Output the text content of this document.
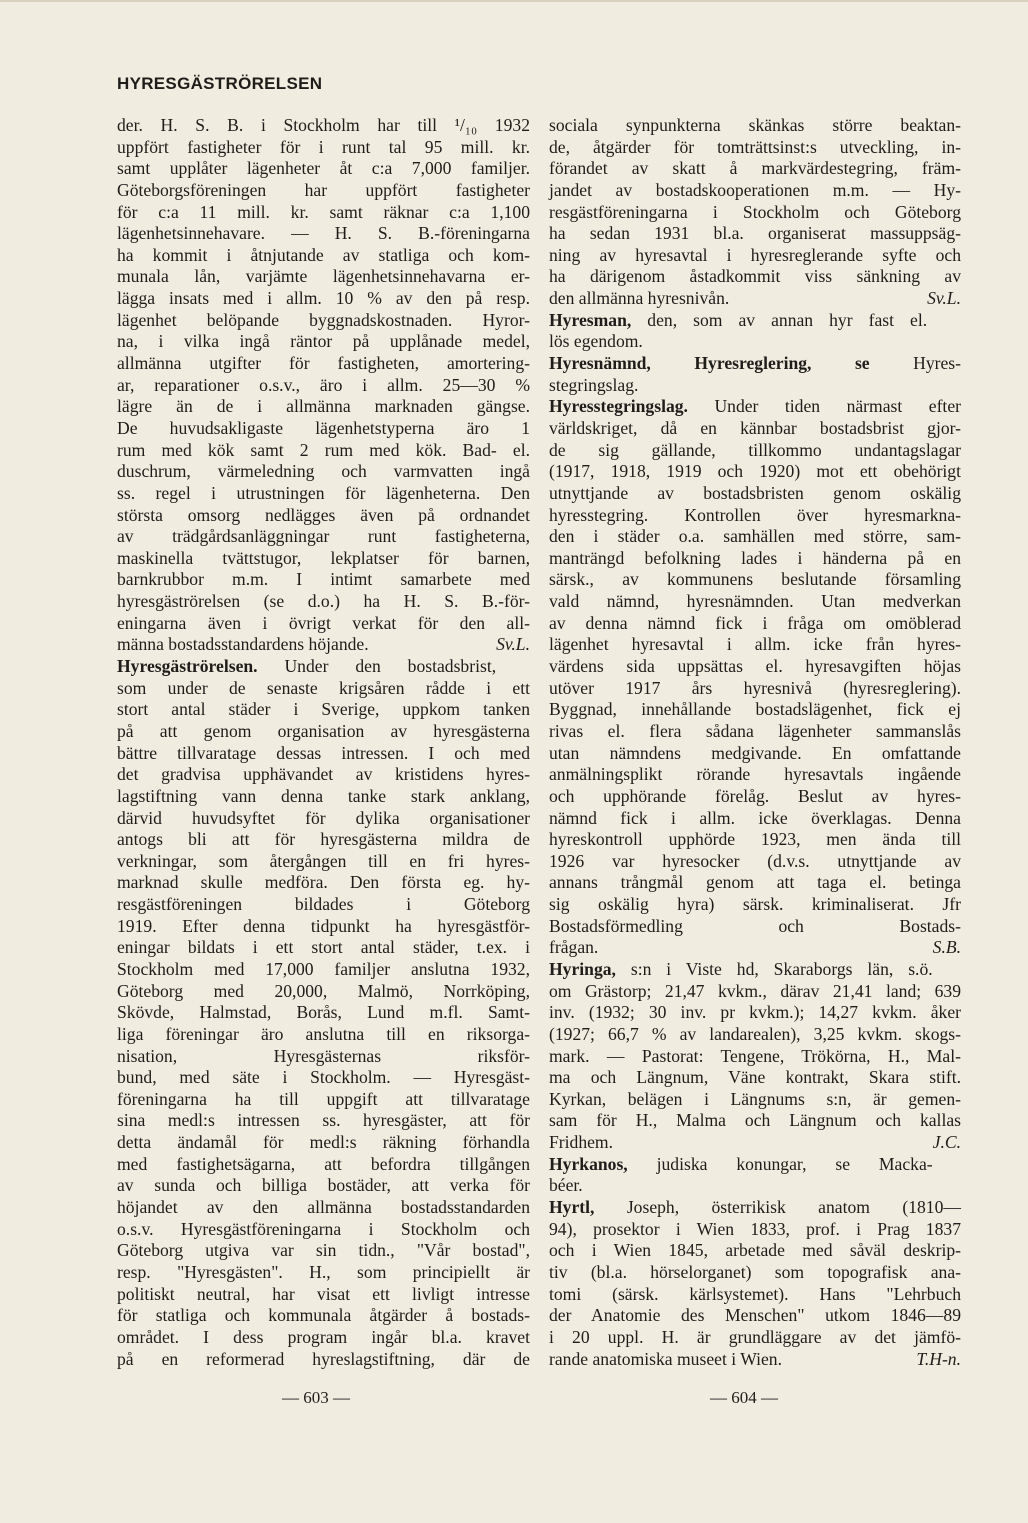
HYRESGÄSTRÖRELSEN
der. H. S. B. i Stockholm har till ¹/₁₀ 1932
uppfört fastigheter för i runt tal 95 mill. kr.
samt upplåter lägenheter åt c:a 7,000 familjer.
Göteborgsföreningen har uppfört fastigheter
för c:a 11 mill. kr. samt räknar c:a 1,100
lägenhetsinnehavare. — H. S. B.-föreningarna
ha kommit i åtnjutande av statliga och kom-
munala lån, varjämte lägenhetsinnehavarna er-
lägga insats med i allm. 10 % av den på resp.
lägenhet belöpande byggnadskostnaden. Hyror-
na, i vilka ingå räntor på upplånade medel,
allmänna utgifter för fastigheten, amortering-
ar, reparationer o.s.v., äro i allm. 25—30 %
lägre än de i allmänna marknaden gängse.
De huvudsakligaste lägenhetstyperna äro 1
rum med kök samt 2 rum med kök. Bad- el.
duschrum, värmeledning och varmvatten ingå
ss. regel i utrustningen för lägenheterna. Den
största omsorg nedlägges även på ordnandet
av trädgårdsanläggningar runt fastigheterna,
maskinella tvättstugor, lekplatser för barnen,
barnkrubbor m.m. I intimt samarbete med
hyresgäströrelsen (se d.o.) ha H. S. B.-för-
eningarna även i övrigt verkat för den all-
männa bostadsstandardens höjande.	Sv.L.
Hyresgäströrelsen. Under den bostadsbrist,
som under de senaste krigsåren rådde i ett
stort antal städer i Sverige, uppkom tanken
på att genom organisation av hyresgästerna
bättre tillvaratage dessas intressen. I och med
det gradvisa upphävandet av kristidens hyres-
lagstiftning vann denna tanke stark anklang,
därvid huvudsyftet för dylika organisationer
antogs bli att för hyresgästerna mildra de
verkningar, som återgången till en fri hyres-
marknad skulle medföra. Den första eg. hy-
resgästföreningen bildades i Göteborg
1919. Efter denna tidpunkt ha hyresgästför-
eningar bildats i ett stort antal städer, t.ex. i
Stockholm med 17,000 familjer anslutna 1932,
Göteborg med 20,000, Malmö, Norrköping,
Skövde, Halmstad, Borås, Lund m.fl. Samt-
liga föreningar äro anslutna till en riksorga-
nisation, Hyresgästernas riksför-
bund, med säte i Stockholm. — Hyresgäst-
föreningarna ha till uppgift att tillvaratage
sina medl:s intressen ss. hyresgäster, att för
detta ändamål för medl:s räkning förhandla
med fastighetsägarna, att befordra tillgången
av sunda och billiga bostäder, att verka för
höjandet av den allmänna bostadsstandarden
o.s.v. Hyresgästföreningarna i Stockholm och
Göteborg utgiva var sin tidn., "Vår bostad",
resp. "Hyresgästen". H., som principiellt är
politiskt neutral, har visat ett livligt intresse
för statliga och kommunala åtgärder å bostads-
området. I dess program ingår bl.a. kravet
på en reformerad hyreslagstiftning, där de
sociala synpunkterna skänkas större beaktan-
de, åtgärder för tomträttsinst:s utveckling, in-
förandet av skatt å markvärdestegring, främ-
jandet av bostadskooperationen m.m. — Hy-
resgästföreningarna i Stockholm och Göteborg
ha sedan 1931 bl.a. organiserat massuppsäg-
ning av hyresavtal i hyresreglerande syfte och
ha därigenom åstadkommit viss sänkning av
den allmänna hyresnivån.	Sv.L.
Hyresman, den, som av annan hyr fast el.
lös egendom.
Hyresnämnd, Hyresreglering, se Hyres-
stegringslag.
Hyresstegringslag. Under tiden närmast efter
världskriget, då en kännbar bostadsbrist gjor-
de sig gällande, tillkommo undantagslagar
(1917, 1918, 1919 och 1920) mot ett obehörigt
utnyttjande av bostadsbristen genom oskälig
hyresstegring. Kontrollen över hyresmarkna-
den i städer o.a. samhällen med större, sam-
manträngd befolkning lades i händerna på en
särsk., av kommunens beslutande församling
vald nämnd, hyresnämnden. Utan medverkan
av denna nämnd fick i fråga om omöblerad
lägenhet hyresavtal i allm. icke från hyres-
värdens sida uppsättas el. hyresavgiften höjas
utöver 1917 års hyresnivå (hyresreglering).
Byggnad, innehållande bostadslägenhet, fick ej
rivas el. flera sådana lägenheter sammanslås
utan nämndens medgivande. En omfattande
anmälningsplikt rörande hyresavtals ingående
och upphörande förelåg. Beslut av hyres-
nämnd fick i allm. icke överklagas. Denna
hyreskontroll upphörde 1923, men ända till
1926 var hyresocker (d.v.s. utnyttjande av
annans trångmål genom att taga el. betinga
sig oskälig hyra) särsk. kriminaliserat. Jfr
Bostadsförmedling och Bostads-
frågan.	S.B.
Hyringa, s:n i Viste hd, Skaraborgs län, s.ö.
om Grästorp; 21,47 kvkm., därav 21,41 land; 639
inv. (1932; 30 inv. pr kvkm.); 14,27 kvkm. åker
(1927; 66,7 % av landarealen), 3,25 kvkm. skogs-
mark. — Pastorat: Tengene, Trökörna, H., Mal-
ma och Längnum, Väne kontrakt, Skara stift.
Kyrkan, belägen i Längnums s:n, är gemen-
sam för H., Malma och Längnum och kallas
Fridhem.	J.C.
Hyrkanos, judiska konungar, se Macka-
béer.
Hyrtl, Joseph, österrikisk anatom (1810—
94), prosektor i Wien 1833, prof. i Prag 1837
och i Wien 1845, arbetade med såväl deskrip-
tiv (bl.a. hörselorganet) som topografisk ana-
tomi (särsk. kärlsystemet). Hans "Lehrbuch
der Anatomie des Menschen" utkom 1846—89
i 20 uppl. H. är grundläggare av det jämfö-
rande anatomiska museet i Wien.	T.H-n.
— 603 —	— 604 —
